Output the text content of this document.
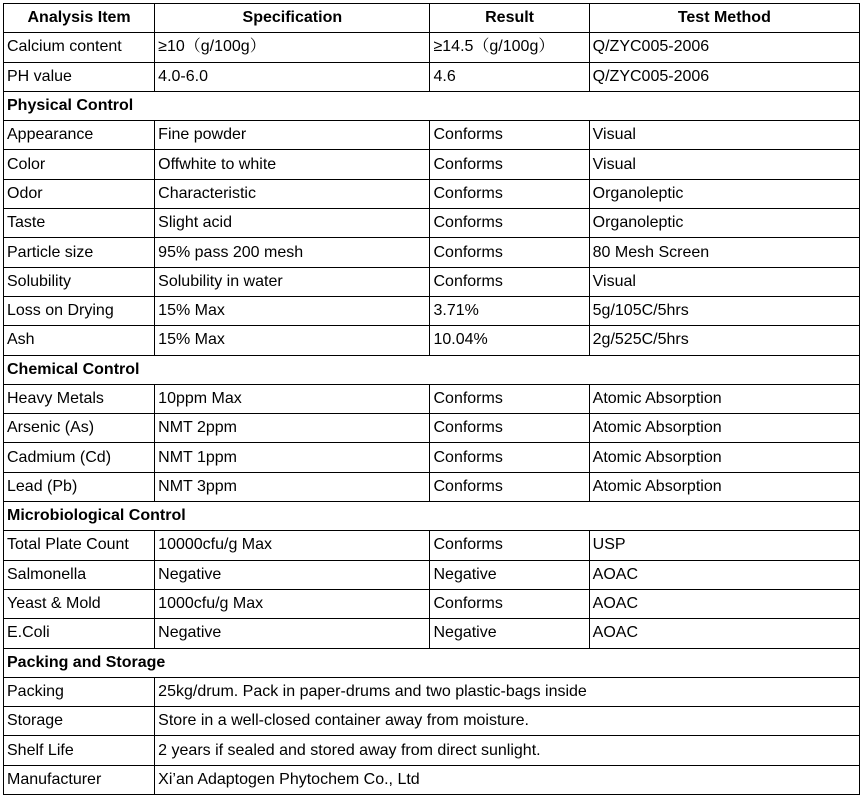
Analysis Item	Specification	Result	Test Method
Calcium content	≥10（g/100g）	≥14.5（g/100g）	Q/ZYC005-2006
PH value	4.0-6.0	4.6	Q/ZYC005-2006
Physical Control			
Appearance	Fine powder	Conforms	Visual
Color	Offwhite to white	Conforms	Visual
Odor	Characteristic	Conforms	Organoleptic
Taste	Slight acid	Conforms	Organoleptic
Particle size	95% pass 200 mesh	Conforms	80 Mesh Screen
Solubility	Solubility in water	Conforms	Visual
Loss on Drying	15% Max	3.71%	5g/105C/5hrs
Ash	15% Max	10.04%	2g/525C/5hrs
Chemical Control			
Heavy Metals	10ppm Max	Conforms	Atomic Absorption
Arsenic (As)	NMT 2ppm	Conforms	Atomic Absorption
Cadmium (Cd)	NMT 1ppm	Conforms	Atomic Absorption
Lead (Pb)	NMT 3ppm	Conforms	Atomic Absorption
Microbiological Control			
Total Plate Count	10000cfu/g Max	Conforms	USP
Salmonella	Negative	Negative	AOAC
Yeast & Mold	1000cfu/g Max	Conforms	AOAC
E.Coli	Negative	Negative	AOAC
Packing and Storage			
Packing	25kg/drum. Pack in paper-drums and two plastic-bags inside		
Storage	Store in a well-closed container away from moisture.		
Shelf Life	2 years if sealed and stored away from direct sunlight.		
Manufacturer	Xi’an Adaptogen Phytochem Co., Ltd		
